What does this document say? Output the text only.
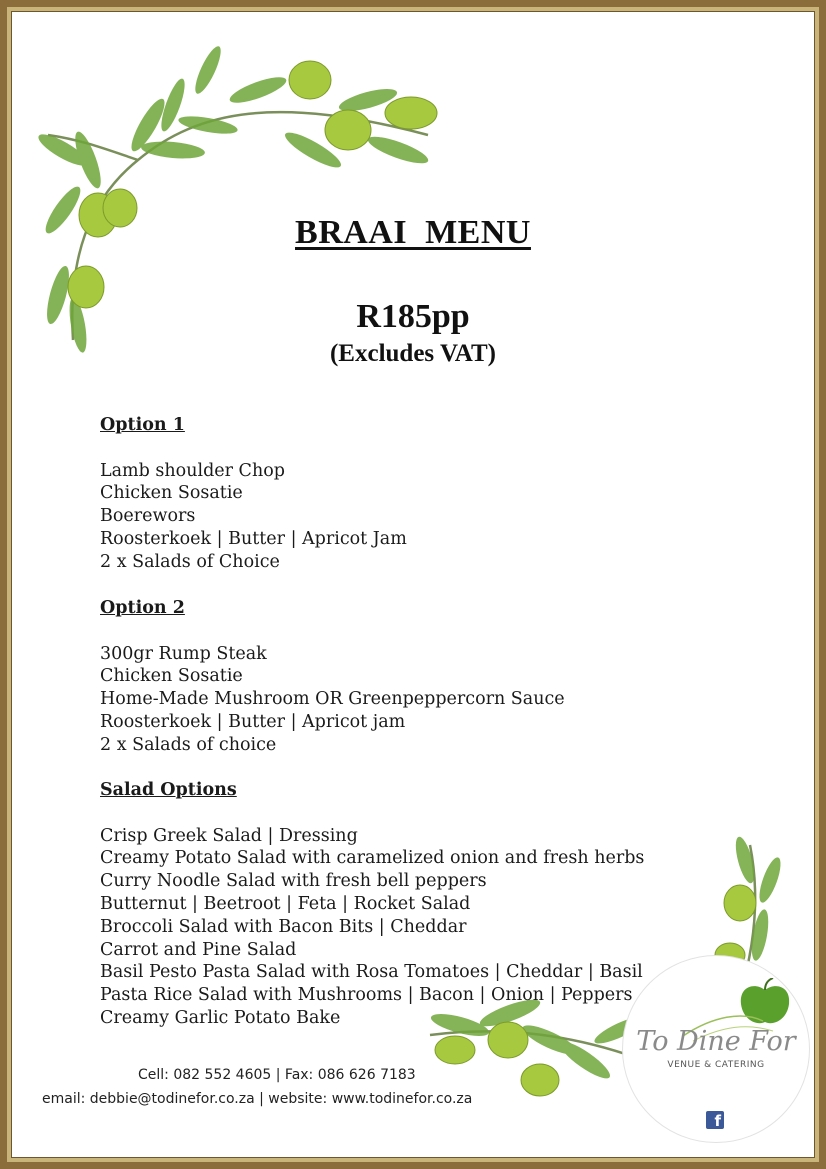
BRAAI  MENU
R185pp
(Excludes VAT)

Option 1

Lamb shoulder Chop
Chicken Sosatie
Boerewors
Roosterkoek | Butter | Apricot Jam
2 x Salads of Choice

Option 2

300gr Rump Steak
Chicken Sosatie
Home-Made Mushroom OR Greenpeppercorn Sauce
Roosterkoek | Butter | Apricot jam
2 x Salads of choice

Salad Options

Crisp Greek Salad | Dressing
Creamy Potato Salad with caramelized onion and fresh herbs
Curry Noodle Salad with fresh bell peppers
Butternut | Beetroot | Feta | Rocket Salad
Broccoli Salad with Bacon Bits | Cheddar
Carrot and Pine Salad
Basil Pesto Pasta Salad with Rosa Tomatoes | Cheddar | Basil
Pasta Rice Salad with Mushrooms | Bacon | Onion | Peppers
Creamy Garlic Potato Bake
Cell: 082 552 4605 | Fax: 086 626 7183
email: debbie@todinefor.co.za | website: www.todinefor.co.za
To Dine For
VENUE & CATERING
f
